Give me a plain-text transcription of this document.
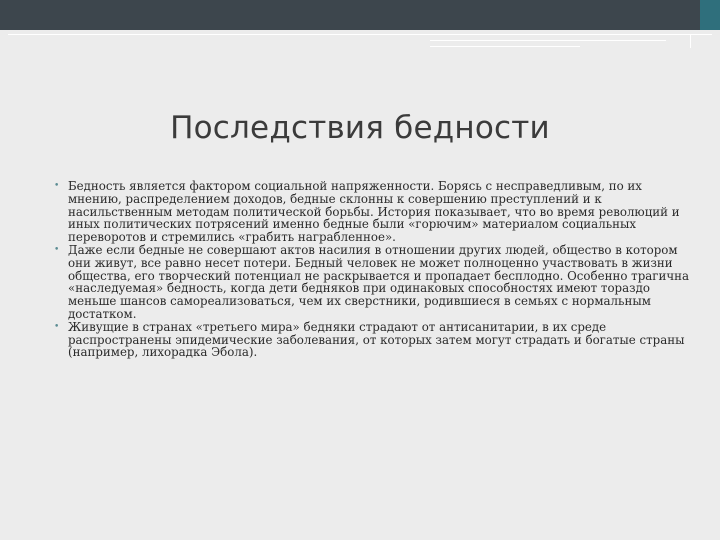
Последствия бедности
• Бедность является фактором социальной напряженности. Борясь с несправедливым, по их мнению, распределением доходов, бедные склонны к совершению преступлений и к насильственным методам политической борьбы. История показывает, что во время революций и иных политических потрясений именно бедные были «горючим» материалом социальных переворотов и стремились «грабить награбленное».
• Даже если бедные не совершают актов насилия в отношении других людей, общество в котором они живут, все равно несет потери. Бедный человек не может полноценно участвовать в жизни общества, его творческий потенциал не раскрывается и пропадает бесплодно. Особенно трагична «наследуемая» бедность, когда дети бедняков при одинаковых способностях имеют тораздо меньше шансов самореализоваться, чем их сверстники, родившиеся в семьях с нормальным достатком.
• Живущие в странах «третьего мира» бедняки страдают от антисанитарии, в их среде распространены эпидемические заболевания, от которых затем могут страдать и богатые страны (например, лихорадка Эбола).
